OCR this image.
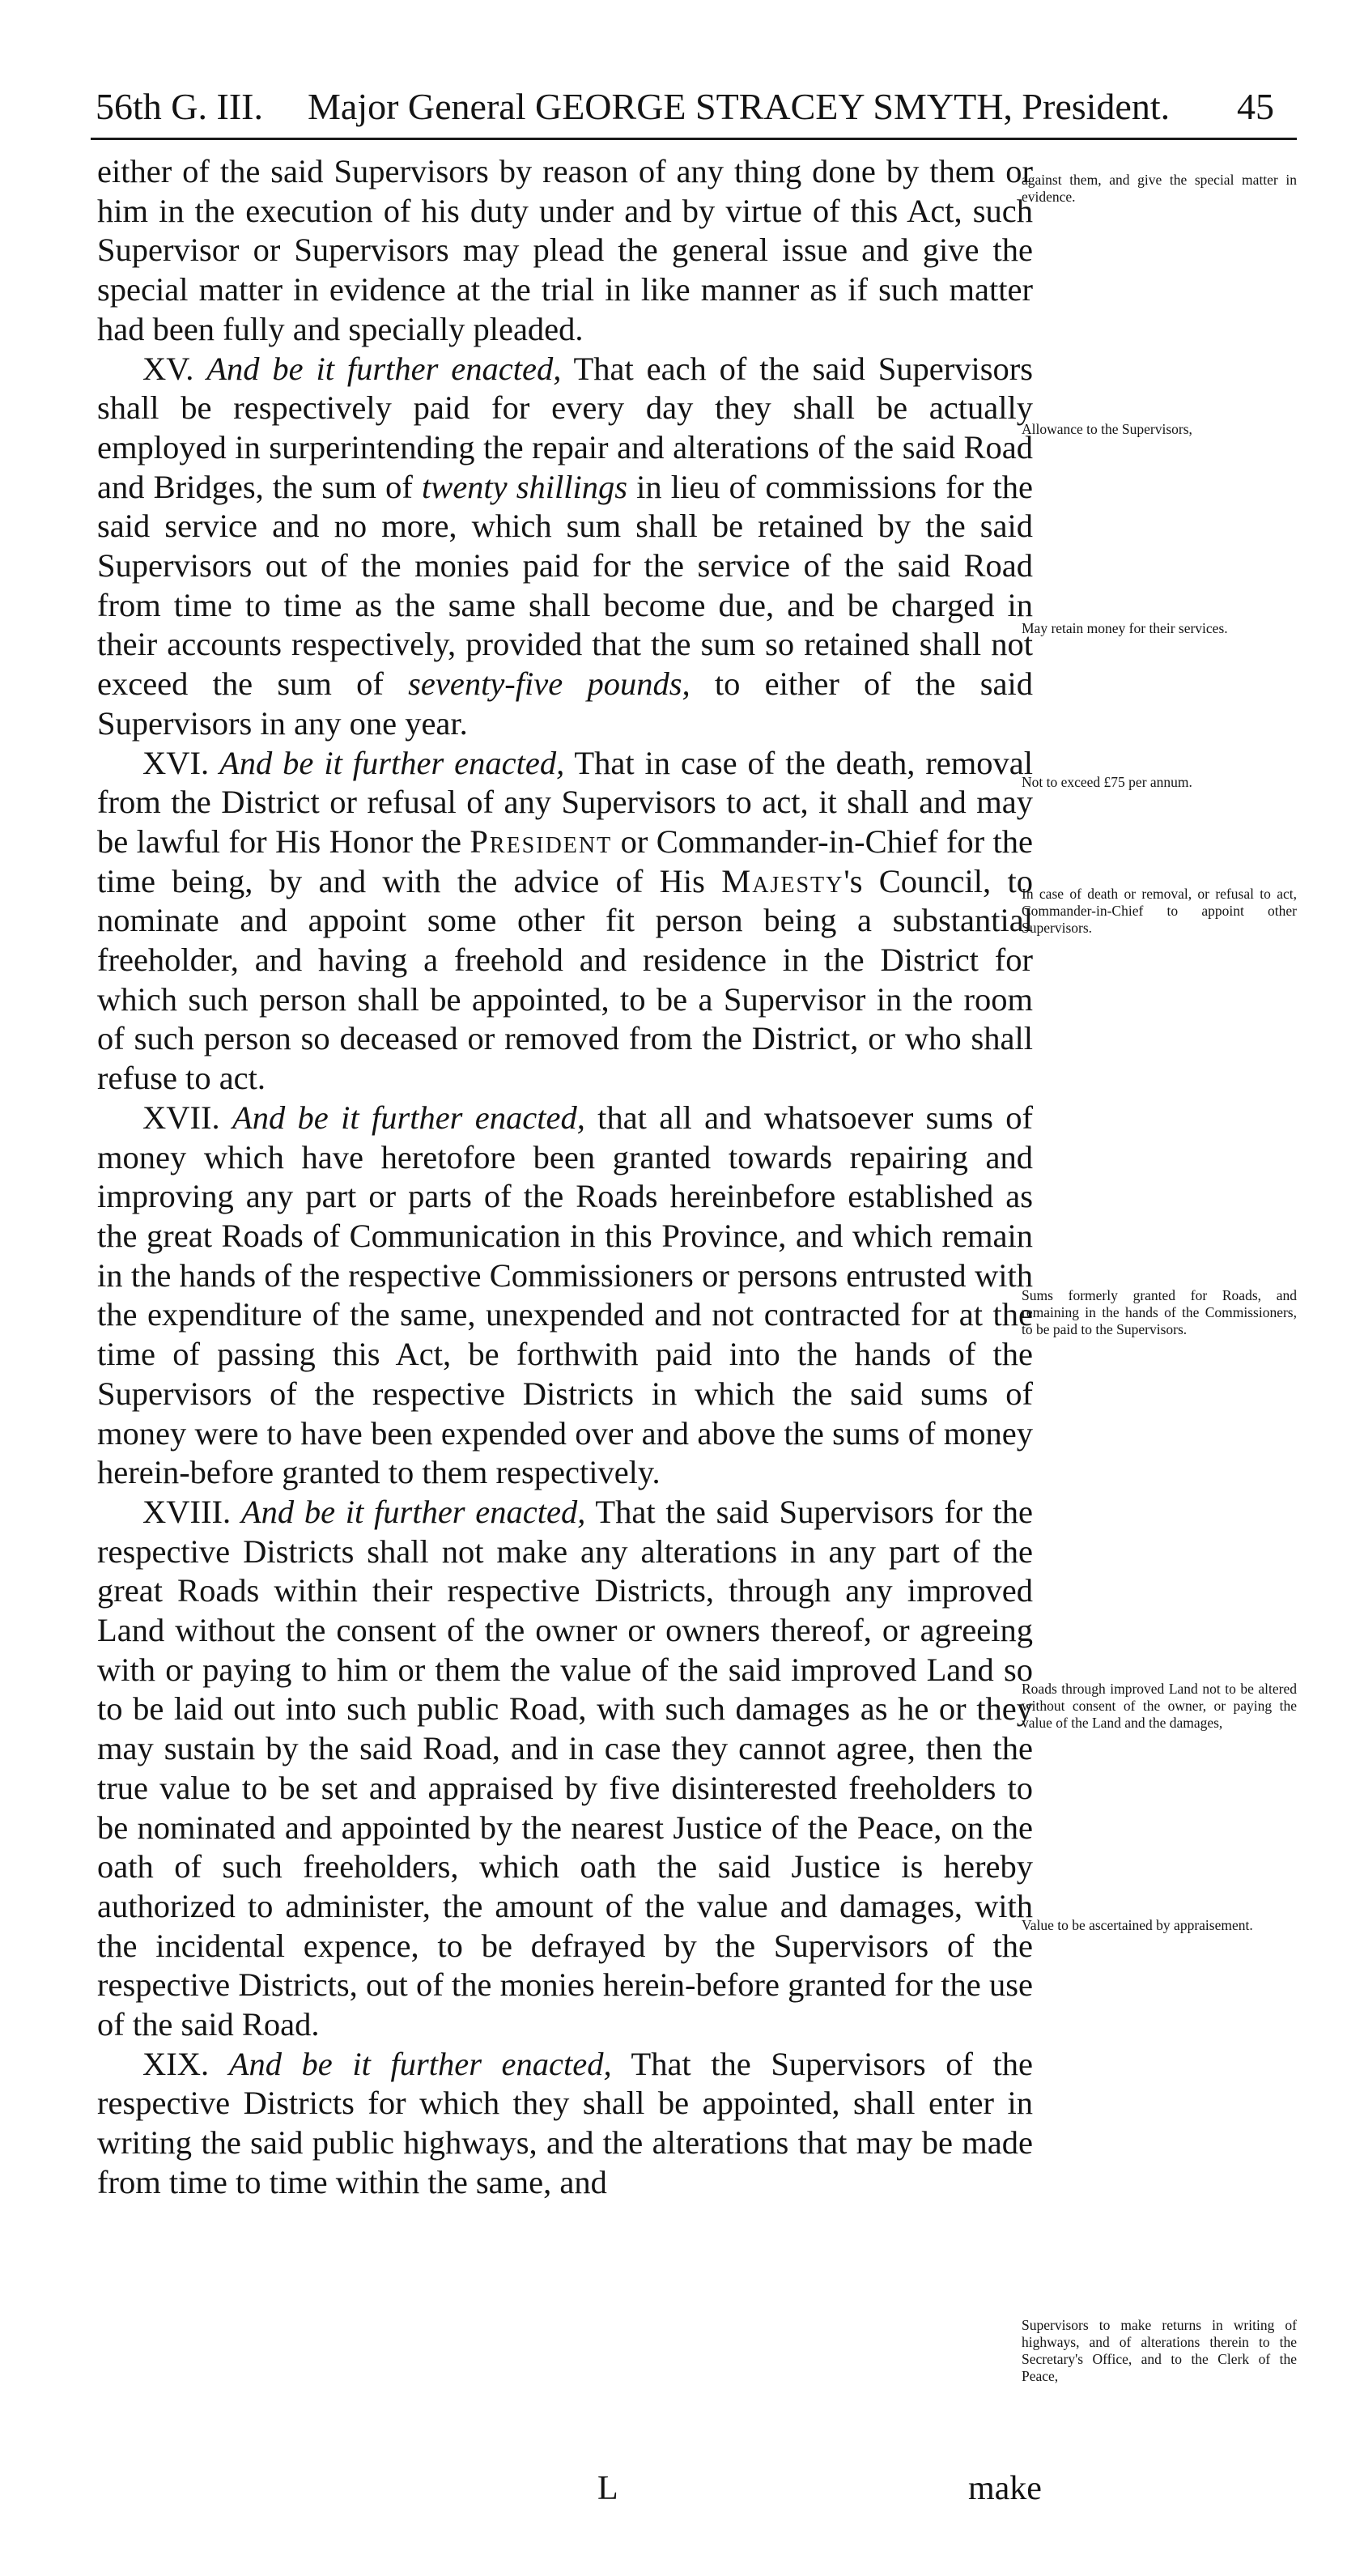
56th G. III. Major General GEORGE STRACEY SMYTH, President. 45

either of the said Supervisors by reason of any thing done by them or him in the execution of his duty under and by virtue of this Act, such Supervisor or Supervisors may plead the general issue and give the special matter in evidence at the trial in like manner as if such matter had been fully and specially pleaded.

XV. And be it further enacted, That each of the said Supervisors shall be respectively paid for every day they shall be actually employed in surperintending the repair and alterations of the said Road and Bridges, the sum of twenty shillings in lieu of commissions for the said service and no more, which sum shall be retained by the said Supervisors out of the monies paid for the service of the said Road from time to time as the same shall become due, and be charged in their accounts respectively, provided that the sum so retained shall not exceed the sum of seventy-five pounds, to either of the said Supervisors in any one year.

XVI. And be it further enacted, That in case of the death, removal from the District or refusal of any Supervisors to act, it shall and may be lawful for His Honor the President or Commander-in-Chief for the time being, by and with the advice of His Majesty's Council, to nominate and appoint some other fit person being a substantial freeholder, and having a freehold and residence in the District for which such person shall be appointed, to be a Supervisor in the room of such person so deceased or removed from the District, or who shall refuse to act.

XVII. And be it further enacted, that all and whatsoever sums of money which have heretofore been granted towards repairing and improving any part or parts of the Roads hereinbefore established as the great Roads of Communication in this Province, and which remain in the hands of the respective Commissioners or persons entrusted with the expenditure of the same, unexpended and not contracted for at the time of passing this Act, be forthwith paid into the hands of the Supervisors of the respective Districts in which the said sums of money were to have been expended over and above the sums of money herein-before granted to them respectively.

XVIII. And be it further enacted, That the said Supervisors for the respective Districts shall not make any alterations in any part of the great Roads within their respective Districts, through any improved Land without the consent of the owner or owners thereof, or agreeing with or paying to him or them the value of the said improved Land so to be laid out into such public Road, with such damages as he or they may sustain by the said Road, and in case they cannot agree, then the true value to be set and appraised by five disinterested freeholders to be nominated and appointed by the nearest Justice of the Peace, on the oath of such freeholders, which oath the said Justice is hereby authorized to administer, the amount of the value and damages, with the incidental expence, to be defrayed by the Supervisors of the respective Districts, out of the monies herein-before granted for the use of the said Road.

XIX. And be it further enacted, That the Supervisors of the respective Districts for which they shall be appointed, shall enter in writing the said public highways, and the alterations that may be made from time to time within the same, and

against them, and give the special matter in evidence.
Allowance to the Supervisors,
May retain money for their services.
Not to exceed £75 per annum.
In case of death or removal, or refusal to act, Commander-in-Chief to appoint other Supervisors.
Sums formerly granted for Roads, and remaining in the hands of the Commissioners, to be paid to the Supervisors.
Roads through improved Land not to be altered without consent of the owner, or paying the value of the Land and the damages,
Value to be ascertained by appraisement.
Supervisors to make returns in writing of highways, and of alterations therein to the Secretary's Office, and to the Clerk of the Peace,
L	make
